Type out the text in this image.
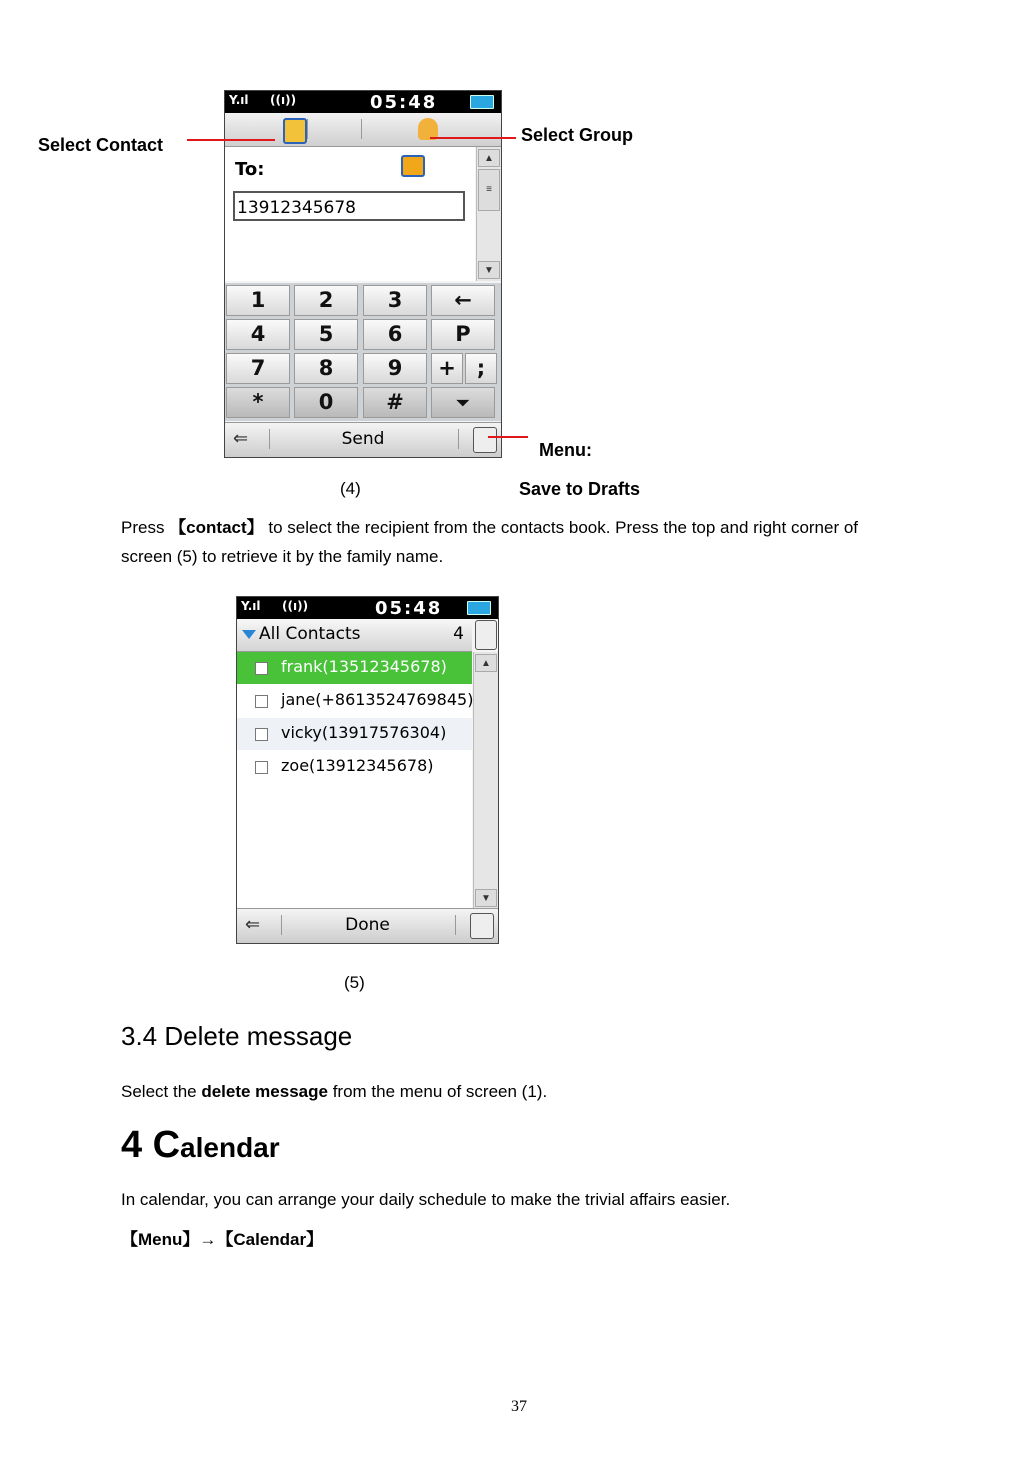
Y.ıl ((ı))	05:48
To:
13912345678
▲
≡
▼
1	2	3	←
4	5	6	P
7	8	9	+	;
*	0	#	⏷
⇐	Send
Select Contact	Select Group
Menu:
(4)	Save to Drafts
Press 【contact】 to select the recipient from the contacts book. Press the top and right corner of screen (5) to retrieve it by the family name.
Y.ıl ((ı))	05:48
All Contacts	4
frank(13512345678)
jane(+8613524769845)
vicky(13917576304)
zoe(13912345678)
▲
▼
⇐	Done
(5)
3.4 Delete message
Select the delete message from the menu of screen (1).
4 Calendar
In calendar, you can arrange your daily schedule to make the trivial affairs easier.
【Menu】→【Calendar】
37
